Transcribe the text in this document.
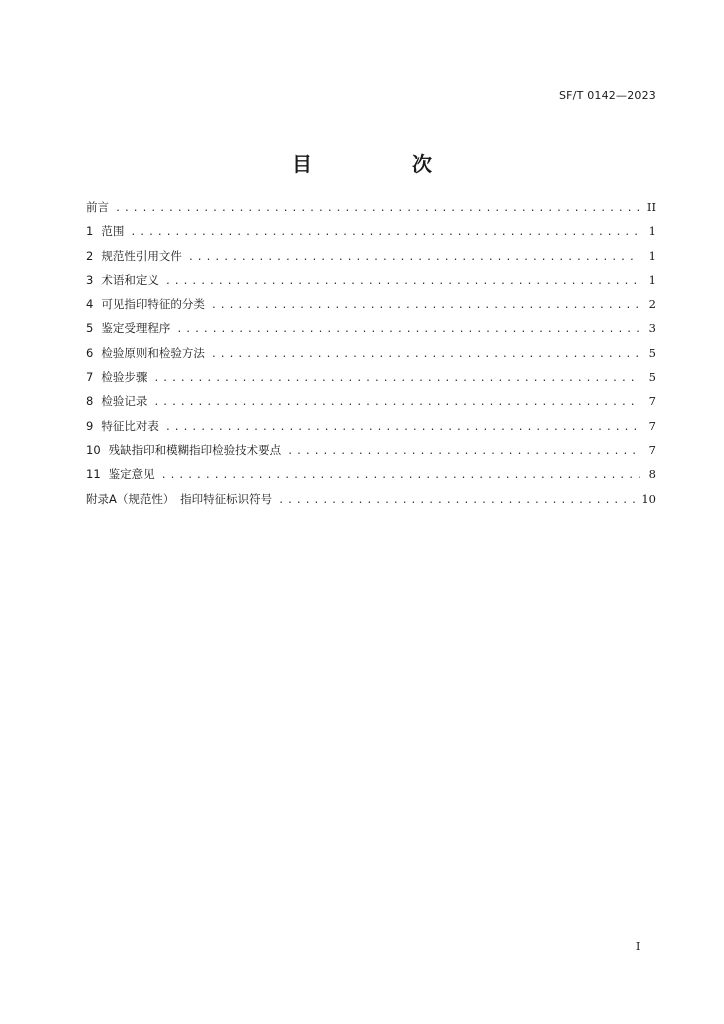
SF/T 0142—2023
目　次
前言 .....	II
1 范围 .....	1
2 规范性引用文件 .....	1
3 术语和定义 .....	1
4 可见指印特征的分类 .....	2
5 鉴定受理程序 .....	3
6 检验原则和检验方法 .....	5
7 检验步骤 .....	5
8 检验记录 .....	7
9 特征比对表 .....	7
10 残缺指印和模糊指印检验技术要点 .....	7
11 鉴定意见 .....	8
附录A（规范性）　指印特征标识符号 .....	10
I
